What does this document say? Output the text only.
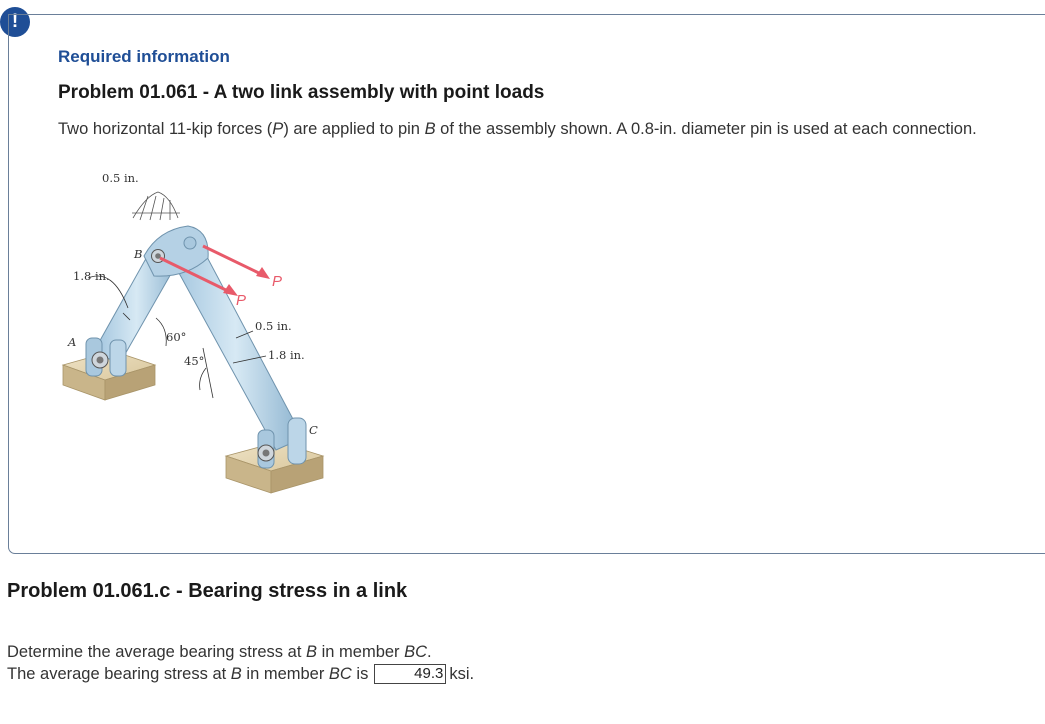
!
Required information
Problem 01.061 - A two link assembly with point loads
Two horizontal 11-kip forces (P) are applied to pin B of the assembly shown. A 0.8-in. diameter pin is used at each connection.
0.5 in.
B
1.8 in.
A	60°
45°
P
P
0.5 in.
1.8 in.
C
Problem 01.061.c - Bearing stress in a link
Determine the average bearing stress at B in member BC.
The average bearing stress at B in member BC is	49.3 ksi.
